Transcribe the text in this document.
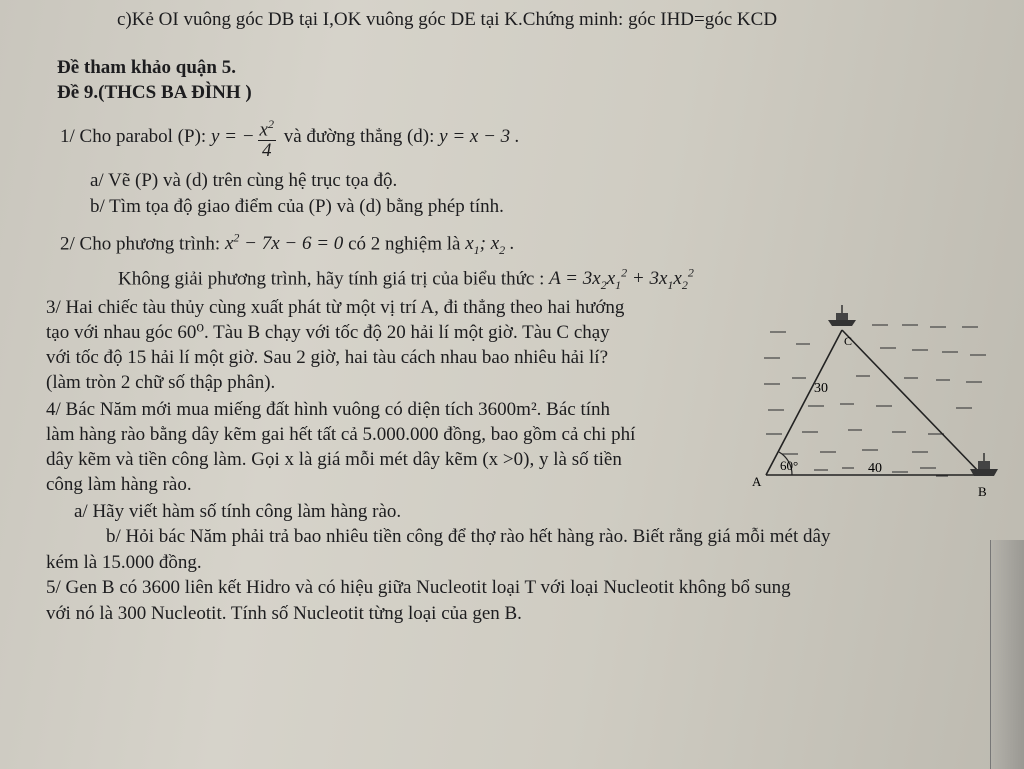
c)Kẻ OI vuông góc DB tại I,OK vuông góc DE tại K.Chứng minh: góc IHD=góc KCD
Đề tham khảo quận 5.
Đề 9.(THCS BA ĐÌNH )
1/ Cho parabol (P): y = − $\frac{x^2}{4}$ và đường thẳng (d): y = x − 3 .
a/ Vẽ (P) và (d) trên cùng hệ trục tọa độ.
b/ Tìm tọa độ giao điểm của (P) và (d) bằng phép tính.
2/ Cho phương trình: $x^2 - 7x - 6 = 0$ có 2 nghiệm là $x_1$; $x_2$ .
Không giải phương trình, hãy tính giá trị của biểu thức : $A = 3x_2x_1^2 + 3x_1x_2^2$
3/ Hai chiếc tàu thủy cùng xuất phát từ một vị trí A, đi thẳng theo hai hướng
tạo với nhau góc 60⁰. Tàu B chạy với tốc độ 20 hải lí một giờ. Tàu C chạy
với tốc độ 15 hải lí một giờ. Sau 2 giờ, hai tàu cách nhau bao nhiêu hải lí?
(làm tròn 2 chữ số thập phân).
4/ Bác Năm mới mua miếng đất hình vuông có diện tích 3600m². Bác tính
làm hàng rào bằng dây kẽm gai hết tất cả 5.000.000 đồng, bao gồm cả chi phí
dây kẽm và tiền công làm. Gọi x là giá mỗi mét dây kẽm (x >0), y là số tiền
công làm hàng rào.
a/ Hãy viết hàm số tính công làm hàng rào.
b/ Hỏi bác Năm phải trả bao nhiêu tiền công để thợ rào hết hàng rào. Biết rằng giá mỗi mét dây
kém là 15.000 đồng.
5/ Gen B có 3600 liên kết Hidro và có hiệu giữa Nucleotit loại T với loại Nucleotit không bổ sung
với nó là 300 Nucleotit. Tính số Nucleotit từng loại của gen B.
C
A
B
30
40
60°
